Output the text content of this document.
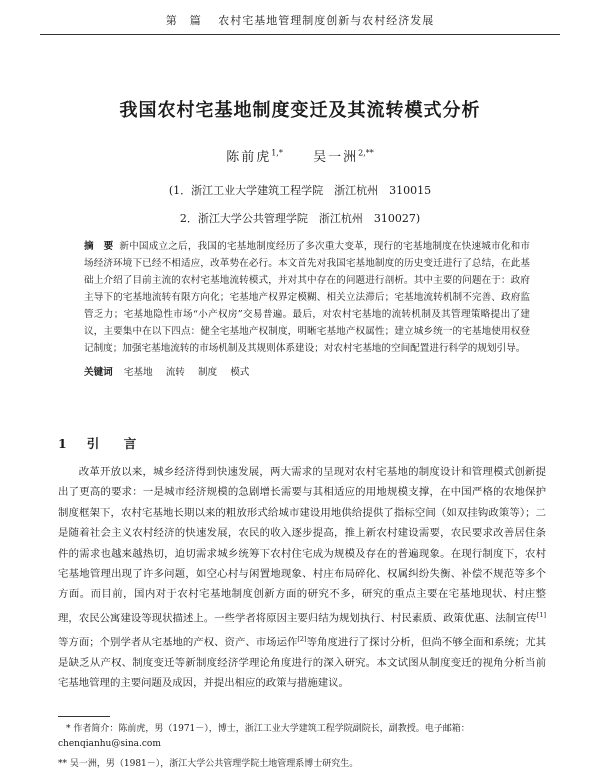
第　篇 农村宅基地管理制度创新与农村经济发展
我国农村宅基地制度变迁及其流转模式分析
陈前虎$^{1,*}$ 吴一洲$^{2,**}$
(1．浙江工业大学建筑工程学院　浙江杭州　310015
2．浙江大学公共管理学院　浙江杭州　310027)
摘　要 新中国成立之后，我国的宅基地制度经历了多次重大变革，现行的宅基地制度在快速城市化和市场经济环境下已经不相适应，改革势在必行。本文首先对我国宅基地制度的历史变迁进行了总结，在此基础上介绍了目前主流的农村宅基地流转模式，并对其中存在的问题进行剖析。其中主要的问题在于：政府主导下的宅基地流转有限方向化；宅基地产权界定模糊、相关立法滞后；宅基地流转机制不完善、政府监管乏力；宅基地隐性市场“小产权房”交易普遍。最后，对农村宅基地的流转机制及其管理策略提出了建议，主要集中在以下四点：健全宅基地产权制度，明晰宅基地产权属性；建立城乡统一的宅基地使用权登记制度；加强宅基地流转的市场机制及其规则体系建设；对农村宅基地的空间配置进行科学的规划引导。
关键词 宅基地 流转 制度 模式
1 引　言
改革开放以来，城乡经济得到快速发展，两大需求的呈现对农村宅基地的制度设计和管理模式创新提出了更高的要求：一是城市经济规模的急剧增长需要与其相适应的用地规模支撑，在中国严格的农地保护制度框架下，农村宅基地长期以来的粗放形式给城市建设用地供给提供了指标空间（如双挂钩政策等）；二是随着社会主义农村经济的快速发展，农民的收入逐步提高，推上新农村建设需要，农民要求改善居住条件的需求也越来越热切，迫切需求城乡统筹下农村住宅成为规模及存在的普遍现象。在现行制度下，农村宅基地管理出现了许多问题，如空心村与闲置地现象、村庄布局碎化、权属纠纷失衡、补偿不规范等多个方面。而目前，国内对于农村宅基地制度创新方面的研究不多，研究的重点主要在宅基地现状、村庄整理，农民公寓建设等现状描述上。一些学者将原因主要归结为规划执行、村民素质、政策优惠、法制宣传[1]等方面；个别学者从宅基地的产权、资产、市场运作[2]等角度进行了探讨分析，但尚不够全面和系统；尤其是缺乏从产权、制度变迁等新制度经济学理论角度进行的深入研究。本文试图从制度变迁的视角分析当前宅基地管理的主要问题及成因，并提出相应的政策与措施建议。
* 作者简介：陈前虎，男（1971－），博士，浙江工业大学建筑工程学院副院长，副教授。电子邮箱：chenqianhu@sina.com
** 吴一洲，男（1981－），浙江大学公共管理学院土地管理系博士研究生。
